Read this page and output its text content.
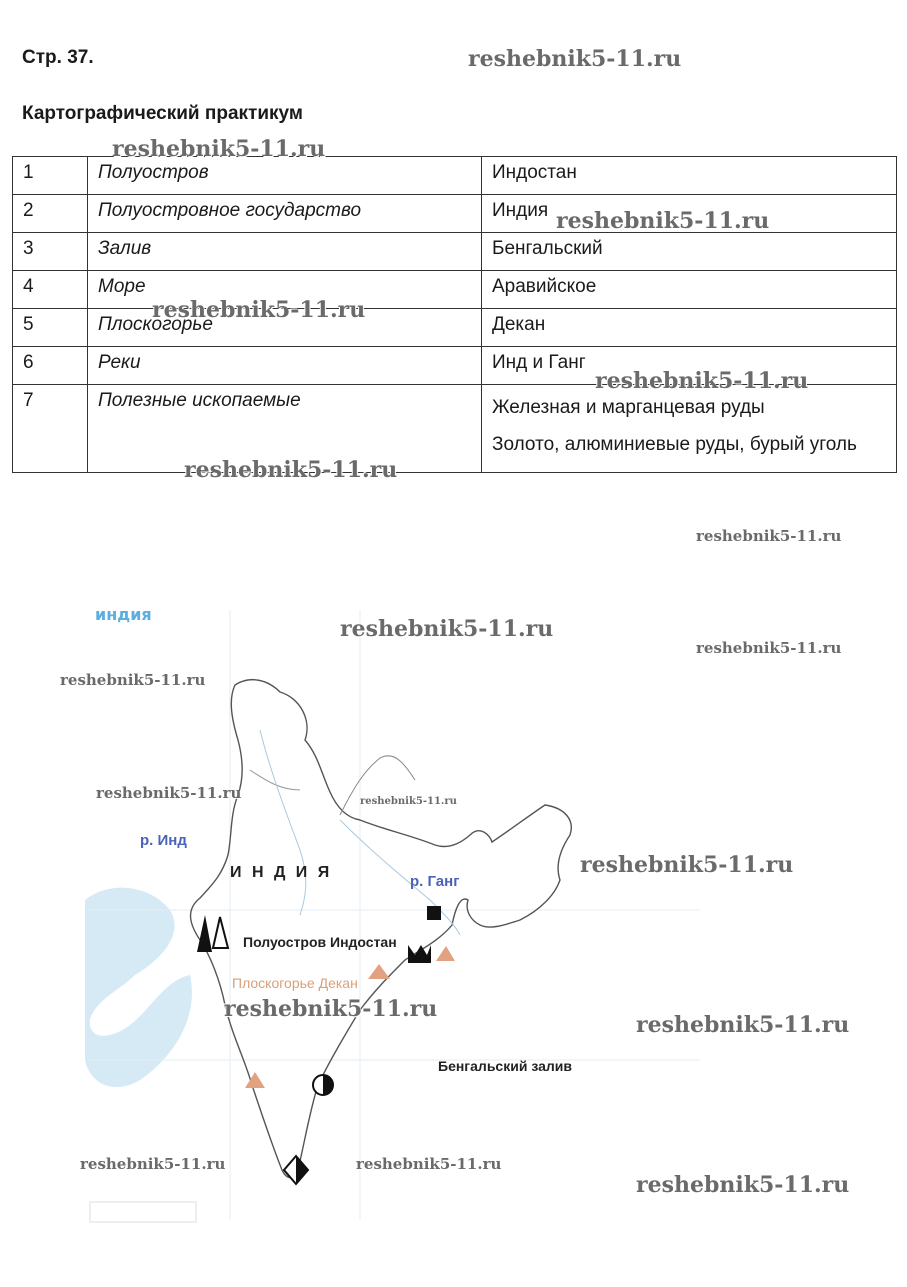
Стр. 37.
Картографический практикум
1	Полуостров	Индостан
2	Полуостровное государство	Индия
3	Залив	Бенгальский
4	Море	Аравийское
5	Плоскогорье	Декан
6	Реки	Инд и Ганг
7	Полезные ископаемые	Железная и марганцевая руды
Золото, алюминиевые руды, бурый уголь
индия
р. Инд
И Н Д И Я
р. Ганг
Полуостров Индостан
Плоскогорье Декан
Бенгальский залив
reshebnik5-11.ru
reshebnik5-11.ru
reshebnik5-11.ru
reshebnik5-11.ru
reshebnik5-11.ru
reshebnik5-11.ru
reshebnik5-11.ru
reshebnik5-11.ru
reshebnik5-11.ru
reshebnik5-11.ru
reshebnik5-11.ru	reshebnik5-11.ru
reshebnik5-11.ru
reshebnik5-11.ru
reshebnik5-11.ru
reshebnik5-11.ru	reshebnik5-11.ru
reshebnik5-11.ru
